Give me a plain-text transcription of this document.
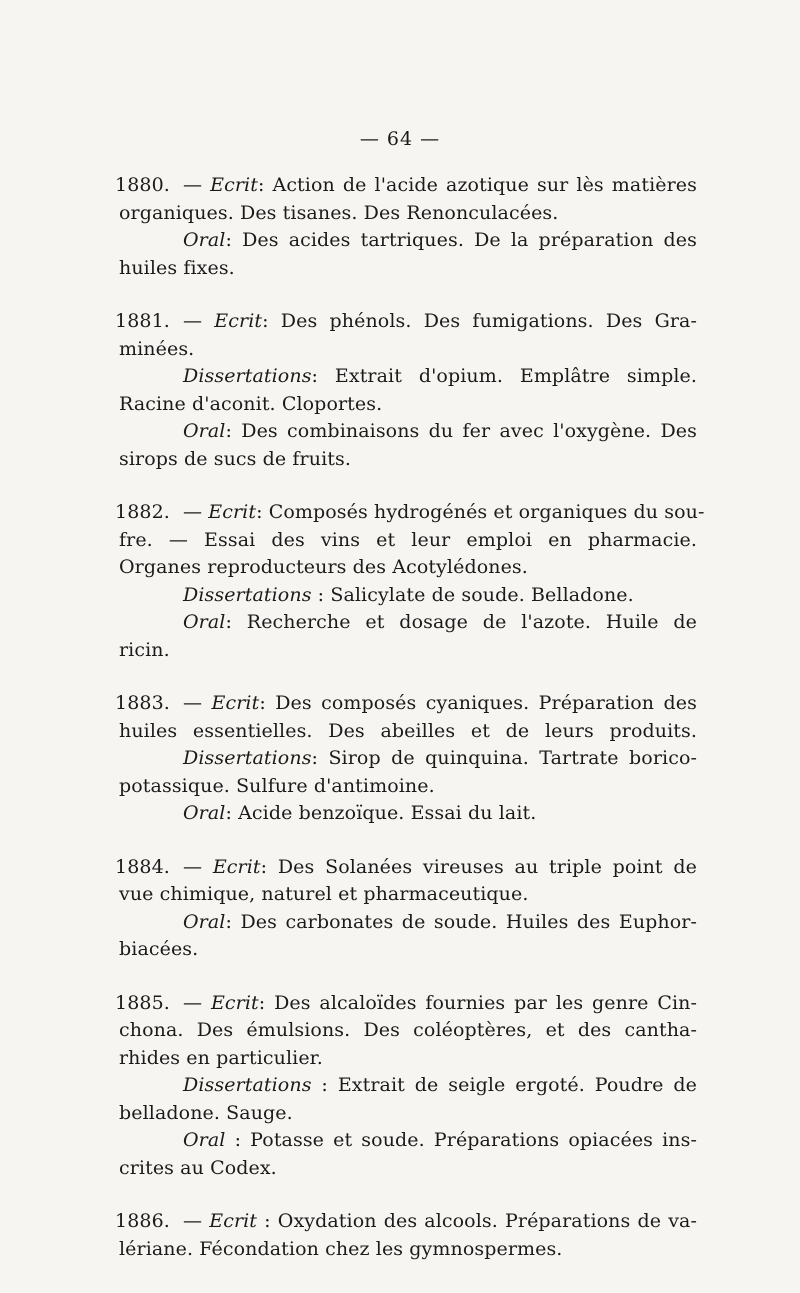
— 64 —
1880. — Ecrit: Action de l'acide azotique sur lès matières
organiques. Des tisanes. Des Renonculacées.
Oral: Des acides tartriques. De la préparation des
huiles fixes.
1881. — Ecrit: Des phénols. Des fumigations. Des Gra-
minées.
Dissertations: Extrait d'opium. Emplâtre simple.
Racine d'aconit. Cloportes.
Oral: Des combinaisons du fer avec l'oxygène. Des
sirops de sucs de fruits.
1882. — Ecrit: Composés hydrogénés et organiques du sou-
fre. — Essai des vins et leur emploi en pharmacie.
Organes reproducteurs des Acotylédones.
Dissertations : Salicylate de soude. Belladone.
Oral: Recherche et dosage de l'azote. Huile de
ricin.
1883. — Ecrit: Des composés cyaniques. Préparation des
huiles essentielles. Des abeilles et de leurs produits.
Dissertations: Sirop de quinquina. Tartrate borico-
potassique. Sulfure d'antimoine.
Oral: Acide benzoïque. Essai du lait.
1884. — Ecrit: Des Solanées vireuses au triple point de
vue chimique, naturel et pharmaceutique.
Oral: Des carbonates de soude. Huiles des Euphor-
biacées.
1885. — Ecrit: Des alcaloïdes fournies par les genre Cin-
chona. Des émulsions. Des coléoptères, et des cantha-
rhides en particulier.
Dissertations : Extrait de seigle ergoté. Poudre de
belladone. Sauge.
Oral : Potasse et soude. Préparations opiacées ins-
crites au Codex.
1886. — Ecrit : Oxydation des alcools. Préparations de va-
lériane. Fécondation chez les gymnospermes.
